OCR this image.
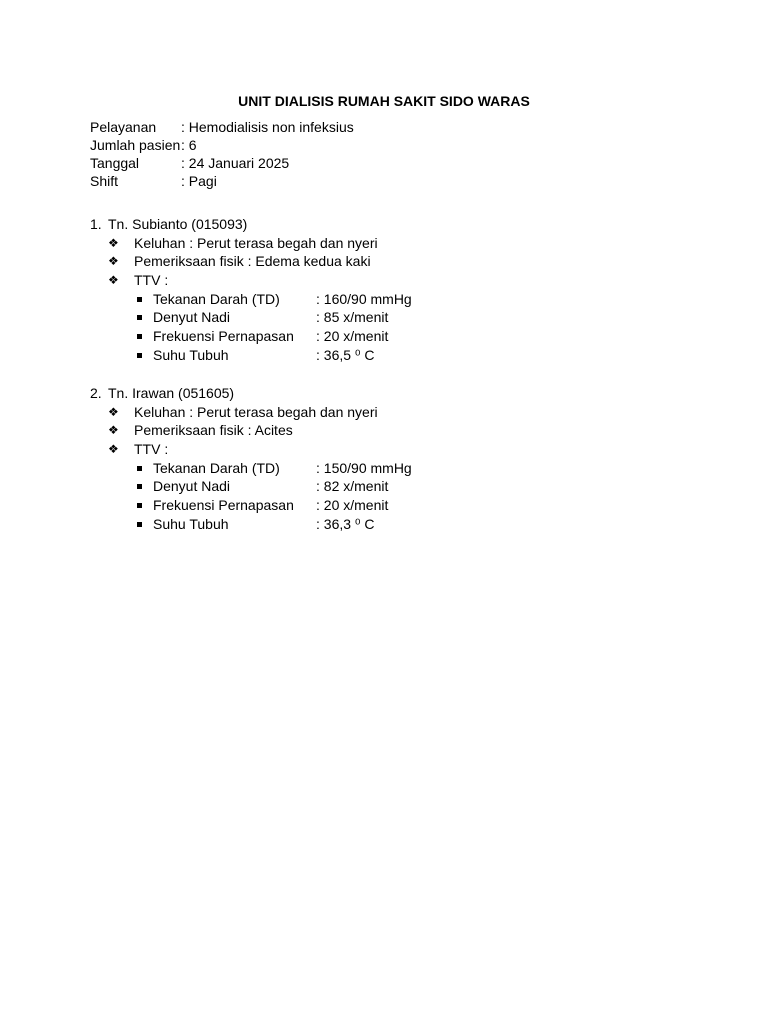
UNIT DIALISIS RUMAH SAKIT SIDO WARAS
Pelayanan	: Hemodialisis non infeksius
Jumlah pasien : 6
Tanggal	: 24 Januari 2025
Shift	: Pagi
1. Tn. Subianto (015093)
❖	Keluhan : Perut terasa begah dan nyeri
❖	Pemeriksaan fisik : Edema kedua kaki
❖	TTV :
Tekanan Darah (TD)	: 160/90 mmHg
Denyut Nadi	: 85 x/menit
Frekuensi Pernapasan	: 20 x/menit
Suhu Tubuh	: 36,5 ⁰ C
2. Tn. Irawan (051605)
❖	Keluhan : Perut terasa begah dan nyeri
❖	Pemeriksaan fisik : Acites
❖	TTV :
Tekanan Darah (TD)	: 150/90 mmHg
Denyut Nadi	: 82 x/menit
Frekuensi Pernapasan	: 20 x/menit
Suhu Tubuh	: 36,3 ⁰ C
